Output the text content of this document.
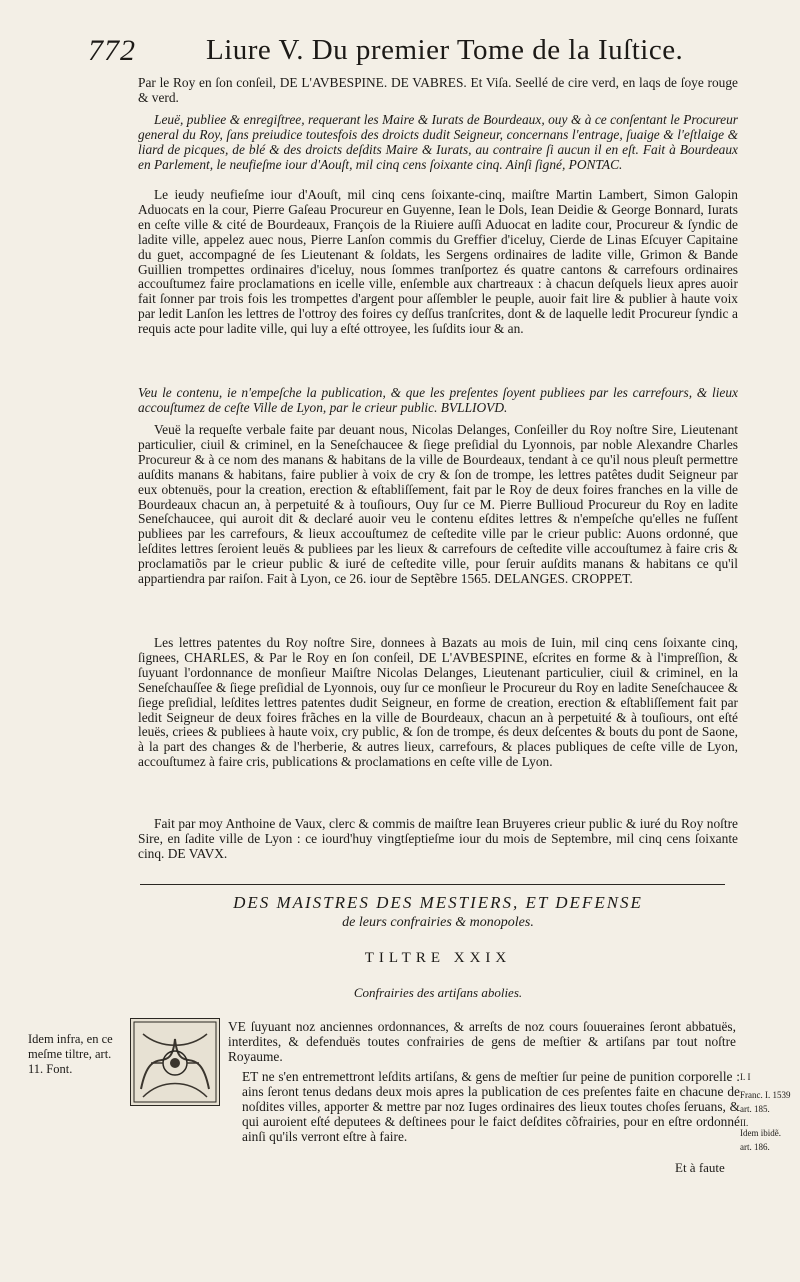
772 Liure V. Du premier Tome de la Iuſtice.

Par le Roy en ſon conſeil, DE L'AVBESPINE. DE VABRES. Et Viſa. Seellé de cire verd, en laqs de ſoye rouge & verd.

Leuë, publiee & enregiſtree, requerant les Maire & Iurats de Bourdeaux, ouy & à ce conſentant le Procureur general du Roy, ſans preiudice toutesfois des droicts dudit Seigneur, concernans l'entrage, ſuaige & l'eſtlaige & liard de picques, de blé & des droicts deſdits Maire & Iurats, au contraire ſi aucun il en eſt. Fait à Bourdeaux en Parlement, le neufieſme iour d'Aouſt, mil cinq cens ſoixante cinq. Ainſi ſigné, PONTAC.

Le ieudy neufieſme iour d'Aouſt, mil cinq cens ſoixante-cinq, maiſtre Martin Lambert, Simon Galopin Aduocats en la cour, Pierre Gaſeau Procureur en Guyenne, Iean le Dols, Iean Deidie & George Bonnard, Iurats en ceſte ville & cité de Bourdeaux, François de la Riuiere auſſi Aduocat en ladite cour, Procureur & ſyndic de ladite ville, appelez auec nous, Pierre Lanſon commis du Greffier d'iceluy, Cierde de Linas Eſcuyer Capitaine du guet, accompagné de ſes Lieutenant & ſoldats, les Sergens ordinaires de ladite ville, Grimon & Bande Guillien trompettes ordinaires d'iceluy, nous ſommes tranſportez és quatre cantons & carrefours ordinaires accouſtumez faire proclamations en icelle ville, enſemble aux chartreaux : à chacun deſquels lieux apres auoir fait ſonner par trois fois les trompettes d'argent pour aſſembler le peuple, auoir fait lire & publier à haute voix par ledit Lanſon les lettres de l'ottroy des foires cy deſſus tranſcrites, dont & de laquelle ledit Procureur ſyndic a requis acte pour ladite ville, qui luy a eſté ottroyee, les ſuſdits iour & an.

Veu le contenu, ie n'empeſche la publication, & que les preſentes ſoyent publiees par les carrefours, & lieux accouſtumez de ceſte Ville de Lyon, par le crieur public. BVLLIOVD.

Veuë la requeſte verbale faite par deuant nous, Nicolas Delanges, Conſeiller du Roy noſtre Sire, Lieutenant particulier, ciuil & criminel, en la Seneſchaucee & ſiege preſidial du Lyonnois, par noble Alexandre Charles Procureur & à ce nom des manans & habitans de la ville de Bourdeaux, tendant à ce qu'il nous pleuſt permettre auſdits manans & habitans, faire publier à voix de cry & ſon de trompe, les lettres patêtes dudit Seigneur par eux obtenuës, pour la creation, erection & eſtabliſſement, fait par le Roy de deux foires franches en la ville de Bourdeaux chacun an, à perpetuité & à touſiours, Ouy ſur ce M. Pierre Bullioud Procureur du Roy en ladite Seneſchaucee, qui auroit dit & declaré auoir veu le contenu eſdites lettres & n'empeſche qu'elles ne fuſſent publiees par les carrefours, & lieux accouſtumez de ceſtedite ville par le crieur public: Auons ordonné, que leſdites lettres ſeroient leuës & publiees par les lieux & carrefours de ceſtedite ville accouſtumez à faire cris & proclamatiõs par le crieur public & iuré de ceſtedite ville, pour ſeruir auſdits manans & habitans ce qu'il appartiendra par raiſon. Fait à Lyon, ce 26. iour de Septẽbre 1565. DELANGES. CROPPET.

Les lettres patentes du Roy noſtre Sire, donnees à Bazats au mois de Iuin, mil cinq cens ſoixante cinq, ſignees, CHARLES, & Par le Roy en ſon conſeil, DE L'AVBESPINE, eſcrites en forme & à l'impreſſion, & ſuyuant l'ordonnance de monſieur Maiſtre Nicolas Delanges, Lieutenant particulier, ciuil & criminel, en la Seneſchauſſee & ſiege preſidial de Lyonnois, ouy ſur ce monſieur le Procureur du Roy en ladite Seneſchaucee & ſiege preſidial, leſdites lettres patentes dudit Seigneur, en forme de creation, erection & eſtabliſſement fait par ledit Seigneur de deux foires frãches en la ville de Bourdeaux, chacun an à perpetuité & à touſiours, ont eſté leuës, criees & publiees à haute voix, cry public, & ſon de trompe, és deux deſcentes & bouts du pont de Saone, à la part des changes & de l'herberie, & autres lieux, carrefours, & places publiques de ceſte ville de Lyon, accouſtumez à faire cris, publications & proclamations en ceſte ville de Lyon.

Fait par moy Anthoine de Vaux, clerc & commis de maiſtre Iean Bruyeres crieur public & iuré du Roy noſtre Sire, en ſadite ville de Lyon : ce iourd'huy vingtſeptieſme iour du mois de Septembre, mil cinq cens ſoixante cinq. DE VAVX.

DES MAISTRES DES MESTIERS, ET DEFENSE
de leurs confrairies & monopoles.
TILTRE XXIX
Confrairies des artiſans abolies.
Idem infra, en ce meſme tiltre, art. 11. Font.

VE ſuyuant noz anciennes ordonnances, & arreſts de noz cours ſouueraines ſeront abbatuës, interdites, & defenduës toutes confrairies de gens de meſtier & artiſans par tout noſtre Royaume.

ET ne s'en entremettront leſdits artiſans, & gens de meſtier ſur peine de punition corporelle : ains ſeront tenus dedans deux mois apres la publication de ces preſentes faite en chacune de noſdites villes, apporter & mettre par noz Iuges ordinaires des lieux toutes choſes ſeruans, & qui auroient eſté deputees & deſtinees pour le faict deſdites cõfrairies, pour en eſtre ordonné ainſi qu'ils verront eſtre à faire.

I. I
Franc. I. 1539
art. 185.
II.
Idem ibidẽ.
art. 186.
Et à faute
